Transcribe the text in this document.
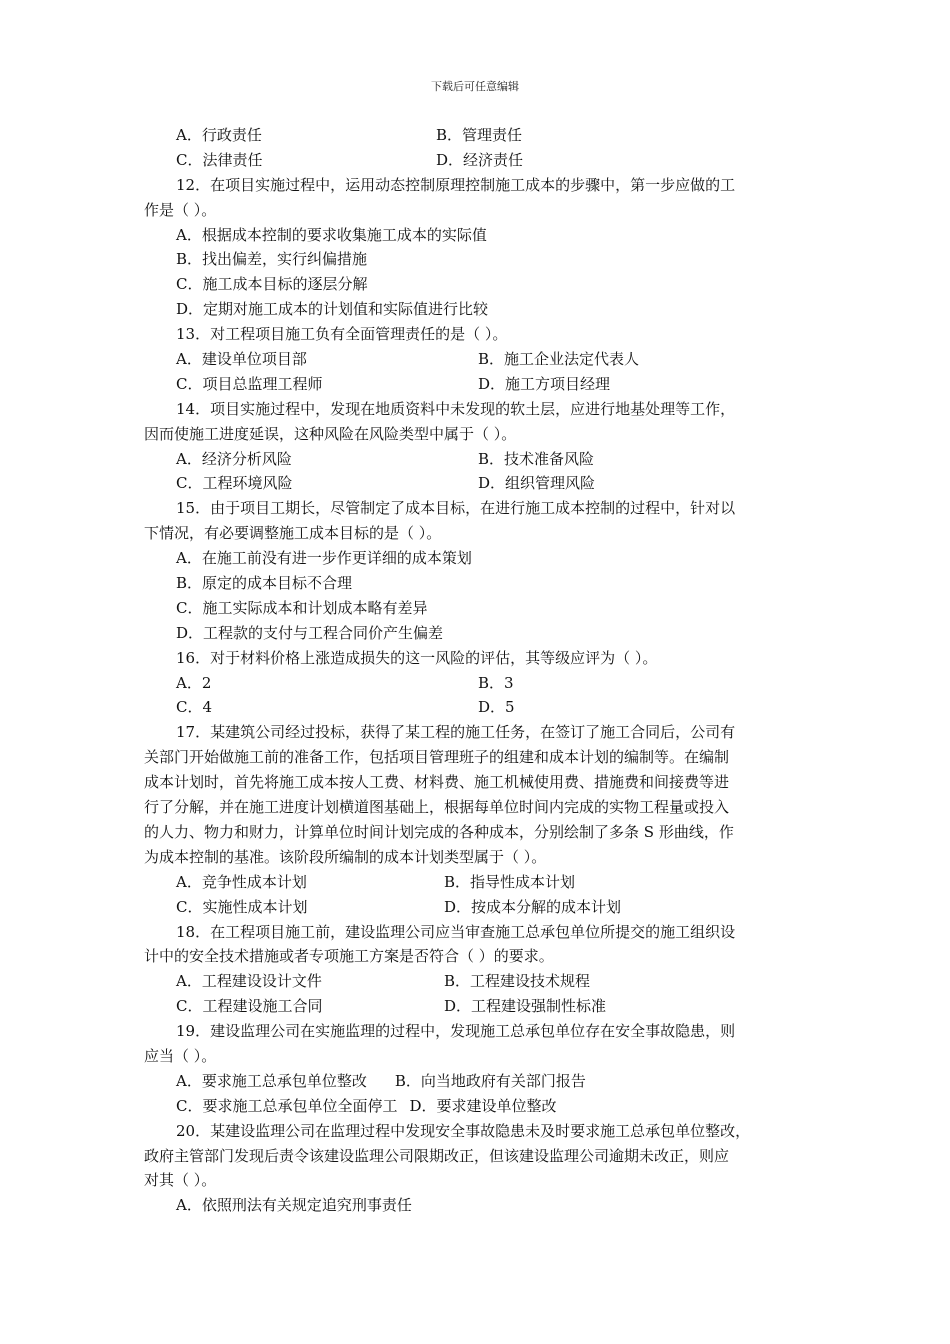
下载后可任意编辑
A．行政责任	B．管理责任
C．法律责任	D．经济责任
12．在项目实施过程中，运用动态控制原理控制施工成本的步骤中，第一步应做的工
作是（ ）。
A．根据成本控制的要求收集施工成本的实际值
B．找出偏差，实行纠偏措施
C．施工成本目标的逐层分解
D．定期对施工成本的计划值和实际值进行比较
13．对工程项目施工负有全面管理责任的是（ ）。
A．建设单位项目部	B．施工企业法定代表人
C．项目总监理工程师	D．施工方项目经理
14．项目实施过程中，发现在地质资料中未发现的软土层，应进行地基处理等工作，
因而使施工进度延误，这种风险在风险类型中属于（ ）。
A．经济分析风险	B．技术准备风险
C．工程环境风险	D．组织管理风险
15．由于项目工期长，尽管制定了成本目标，在进行施工成本控制的过程中，针对以
下情况，有必要调整施工成本目标的是（ ）。
A．在施工前没有进一步作更详细的成本策划
B．原定的成本目标不合理
C．施工实际成本和计划成本略有差异
D．工程款的支付与工程合同价产生偏差
16．对于材料价格上涨造成损失的这一风险的评估，其等级应评为（ ）。
A．2	B．3
C．4	D．5
17．某建筑公司经过投标，获得了某工程的施工任务，在签订了施工合同后，公司有
关部门开始做施工前的准备工作，包括项目管理班子的组建和成本计划的编制等。在编制
成本计划时，首先将施工成本按人工费、材料费、施工机械使用费、措施费和间接费等进
行了分解，并在施工进度计划横道图基础上，根据每单位时间内完成的实物工程量或投入
的人力、物力和财力，计算单位时间计划完成的各种成本，分别绘制了多条 S 形曲线，作
为成本控制的基准。该阶段所编制的成本计划类型属于（ ）。
A．竞争性成本计划	B．指导性成本计划
C．实施性成本计划	D．按成本分解的成本计划
18．在工程项目施工前，建设监理公司应当审查施工总承包单位所提交的施工组织设
计中的安全技术措施或者专项施工方案是否符合（ ）的要求。
A．工程建设设计文件	B．工程建设技术规程
C．工程建设施工合同	D．工程建设强制性标准
19．建设监理公司在实施监理的过程中，发现施工总承包单位存在安全事故隐患，则
应当（ ）。
A．要求施工总承包单位整改 B．向当地政府有关部门报告
C．要求施工总承包单位全面停工 D．要求建设单位整改
20．某建设监理公司在监理过程中发现安全事故隐患未及时要求施工总承包单位整改，
政府主管部门发现后责令该建设监理公司限期改正，但该建设监理公司逾期未改正，则应
对其（ ）。
A．依照刑法有关规定追究刑事责任
